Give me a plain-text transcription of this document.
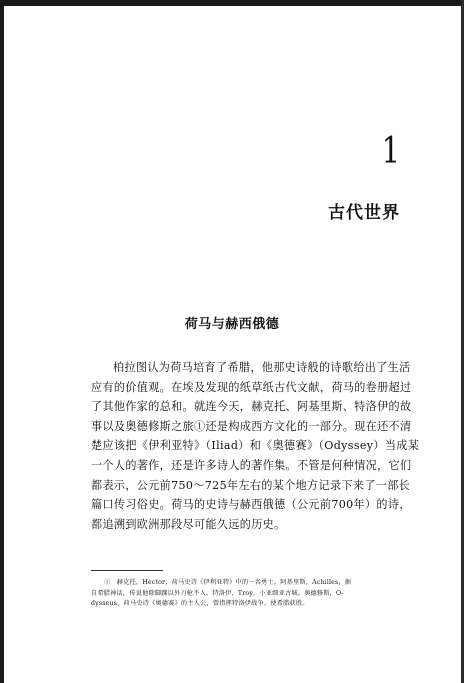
1
古代世界
荷马与赫西俄德
柏拉图认为荷马培育了希腊，他那史诗般的诗歌给出了生活
应有的价值观。在埃及发现的纸草纸古代文献，荷马的卷册超过
了其他作家的总和。就连今天，赫克托、阿基里斯、特洛伊的故
事以及奥德修斯之旅①还是构成西方文化的一部分。现在还不清
楚应该把《伊利亚特》（Iliad）和《奥德赛》（Odyssey）当成某
一个人的著作，还是许多诗人的著作集。不管是何种情况，它们
都表示，公元前750～725年左右的某个地方记录下来了一部长
篇口传习俗史。荷马的史诗与赫西俄德（公元前700年）的诗，
都追溯到欧洲那段尽可能久远的历史。
①　赫克托，Hector，荷马史诗《伊利亚特》中的一名勇士。阿基里斯，Achilles，据
自希腊神话，传说他除脚踝以外刀枪不入。特洛伊，Troy，小亚细亚古城。奥德修斯，O-
dysseus，荷马史诗《奥德赛》的主人公，曾指挥特洛伊战争，使希腊获胜。
